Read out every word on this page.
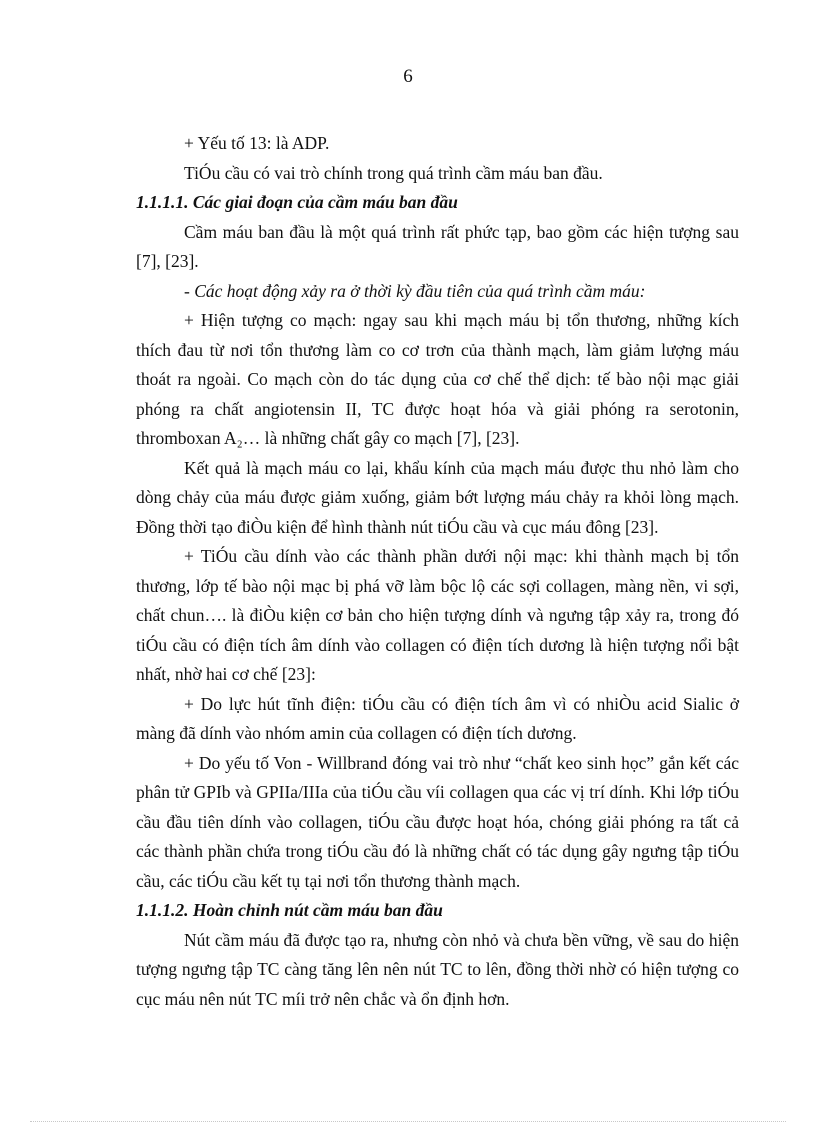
6

+ Yếu tố 13: là ADP.

TiÓu cầu có vai trò chính trong quá trình cầm máu ban đầu.

1.1.1.1. Các giai đoạn của cầm máu ban đầu

Cầm máu ban đầu là một quá trình rất phức tạp, bao gồm các hiện tượng sau [7], [23].

- Các hoạt động xảy ra ở thời kỳ đầu tiên của quá trình cầm máu:

+ Hiện tượng co mạch: ngay sau khi mạch máu bị tổn thương, những kích thích đau từ nơi tổn thương làm co cơ trơn của thành mạch, làm giảm lượng máu thoát ra ngoài. Co mạch còn do tác dụng của cơ chế thể dịch: tế bào nội mạc giải phóng ra chất angiotensin II, TC được hoạt hóa và giải phóng ra serotonin, thromboxan A₂… là những chất gây co mạch [7], [23].

Kết quả là mạch máu co lại, khẩu kính của mạch máu được thu nhỏ làm cho dòng chảy của máu được giảm xuống, giảm bớt lượng máu chảy ra khỏi lòng mạch. Đồng thời tạo điÒu kiện để hình thành nút tiÓu cầu và cục máu đông [23].

+ TiÓu cầu dính vào các thành phần dưới nội mạc: khi thành mạch bị tổn thương, lớp tế bào nội mạc bị phá vỡ làm bộc lộ các sợi collagen, màng nền, vi sợi, chất chun…. là điÒu kiện cơ bản cho hiện tượng dính và ngưng tập xảy ra, trong đó tiÓu cầu có điện tích âm dính vào collagen có điện tích dương là hiện tượng nổi bật nhất, nhờ hai cơ chế [23]:

+ Do lực hút tĩnh điện: tiÓu cầu có điện tích âm vì có nhiÒu acid Sialic ở màng đã dính vào nhóm amin của collagen có điện tích dương.

+ Do yếu tố Von - Willbrand đóng vai trò như “chất keo sinh học” gắn kết các phân tử GPIb và GPIIa/IIIa của tiÓu cầu víi collagen qua các vị trí dính. Khi lớp tiÓu cầu đầu tiên dính vào collagen, tiÓu cầu được hoạt hóa, chóng giải phóng ra tất cả các thành phần chứa trong tiÓu cầu đó là những chất có tác dụng gây ngưng tập tiÓu cầu, các tiÓu cầu kết tụ tại nơi tổn thương thành mạch.

1.1.1.2. Hoàn chỉnh nút cầm máu ban đầu

Nút cầm máu đã được tạo ra, nhưng còn nhỏ và chưa bền vững, về sau do hiện tượng ngưng tập TC càng tăng lên nên nút TC to lên, đồng thời nhờ có hiện tượng co cục máu nên nút TC míi trở nên chắc và ổn định hơn.
